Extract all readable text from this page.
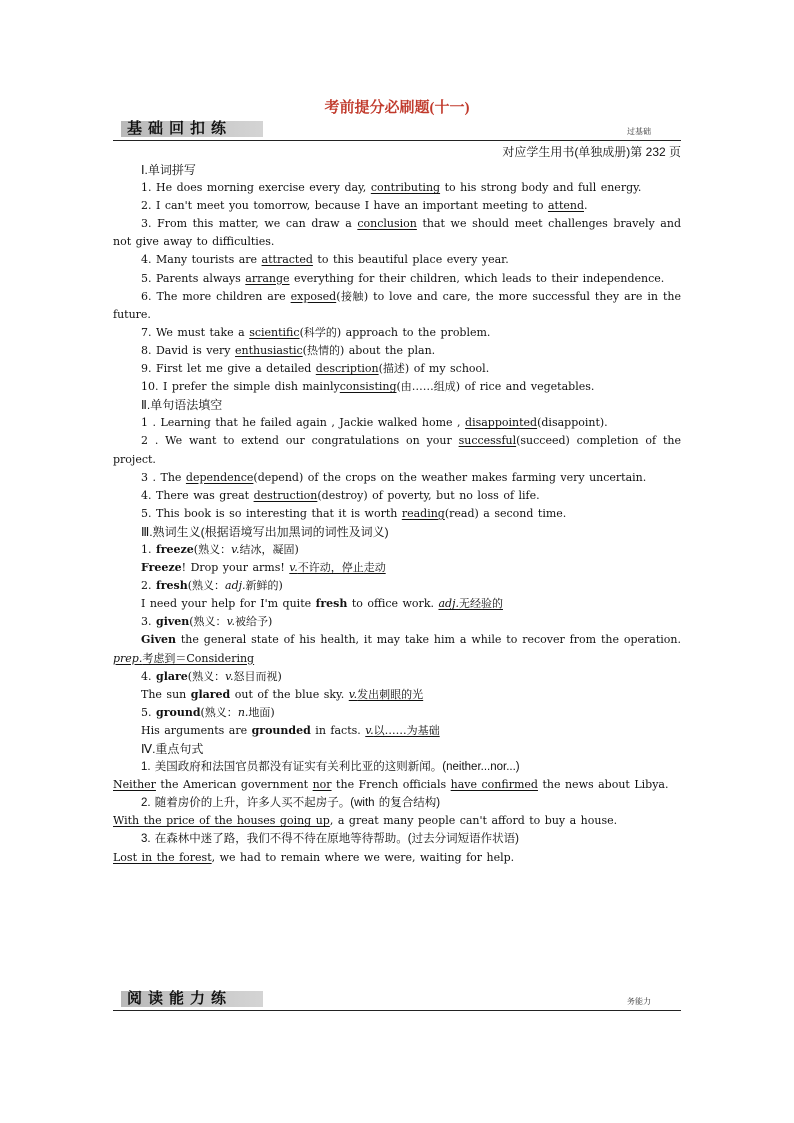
考前提分必刷题(十一)
基础回扣练	过基础
对应学生用书(单独成册)第 232 页
Ⅰ.单词拼写
1. He does morning exercise every day, contributing to his strong body and full energy.
2. I can't meet you tomorrow, because I have an important meeting to attend.
3. From this matter, we can draw a conclusion that we should meet challenges bravely and not give away to difficulties.
4. Many tourists are attracted to this beautiful place every year.
5. Parents always arrange everything for their children, which leads to their independence.
6. The more children are exposed(接触) to love and care, the more successful they are in the future.
7. We must take a scientific(科学的) approach to the problem.
8. David is very enthusiastic(热情的) about the plan.
9. First let me give a detailed description(描述) of my school.
10. I prefer the simple dish mainlyconsisting(由……组成) of rice and vegetables.
Ⅱ.单句语法填空
1 . Learning that he failed again , Jackie walked home , disappointed(disappoint).
2 . We want to extend our congratulations on your successful(succeed) completion of the project.
3 . The dependence(depend) of the crops on the weather makes farming very uncertain.
4. There was great destruction(destroy) of poverty, but no loss of life.
5. This book is so interesting that it is worth reading(read) a second time.
Ⅲ.熟词生义(根据语境写出加黑词的词性及词义)
1. freeze(熟义：v.结冰，凝固)
Freeze! Drop your arms! v.不许动，停止走动
2. fresh(熟义：adj.新鲜的)
I need your help for I'm quite fresh to office work. adj.无经验的
3. given(熟义：v.被给予)
Given the general state of his health, it may take him a while to recover from the operation. prep.考虑到＝Considering
4. glare(熟义：v.怒目而视)
The sun glared out of the blue sky. v.发出刺眼的光
5. ground(熟义：n.地面)
His arguments are grounded in facts. v.以……为基础
Ⅳ.重点句式
1. 美国政府和法国官员都没有证实有关利比亚的这则新闻。(neither...nor...)
Neither the American government nor the French officials have confirmed the news about Libya.
2. 随着房价的上升，许多人买不起房子。(with 的复合结构)
With the price of the houses going up, a great many people can't afford to buy a house.
3. 在森林中迷了路，我们不得不待在原地等待帮助。(过去分词短语作状语)
Lost in the forest, we had to remain where we were, waiting for help.
阅读能力练	务能力
